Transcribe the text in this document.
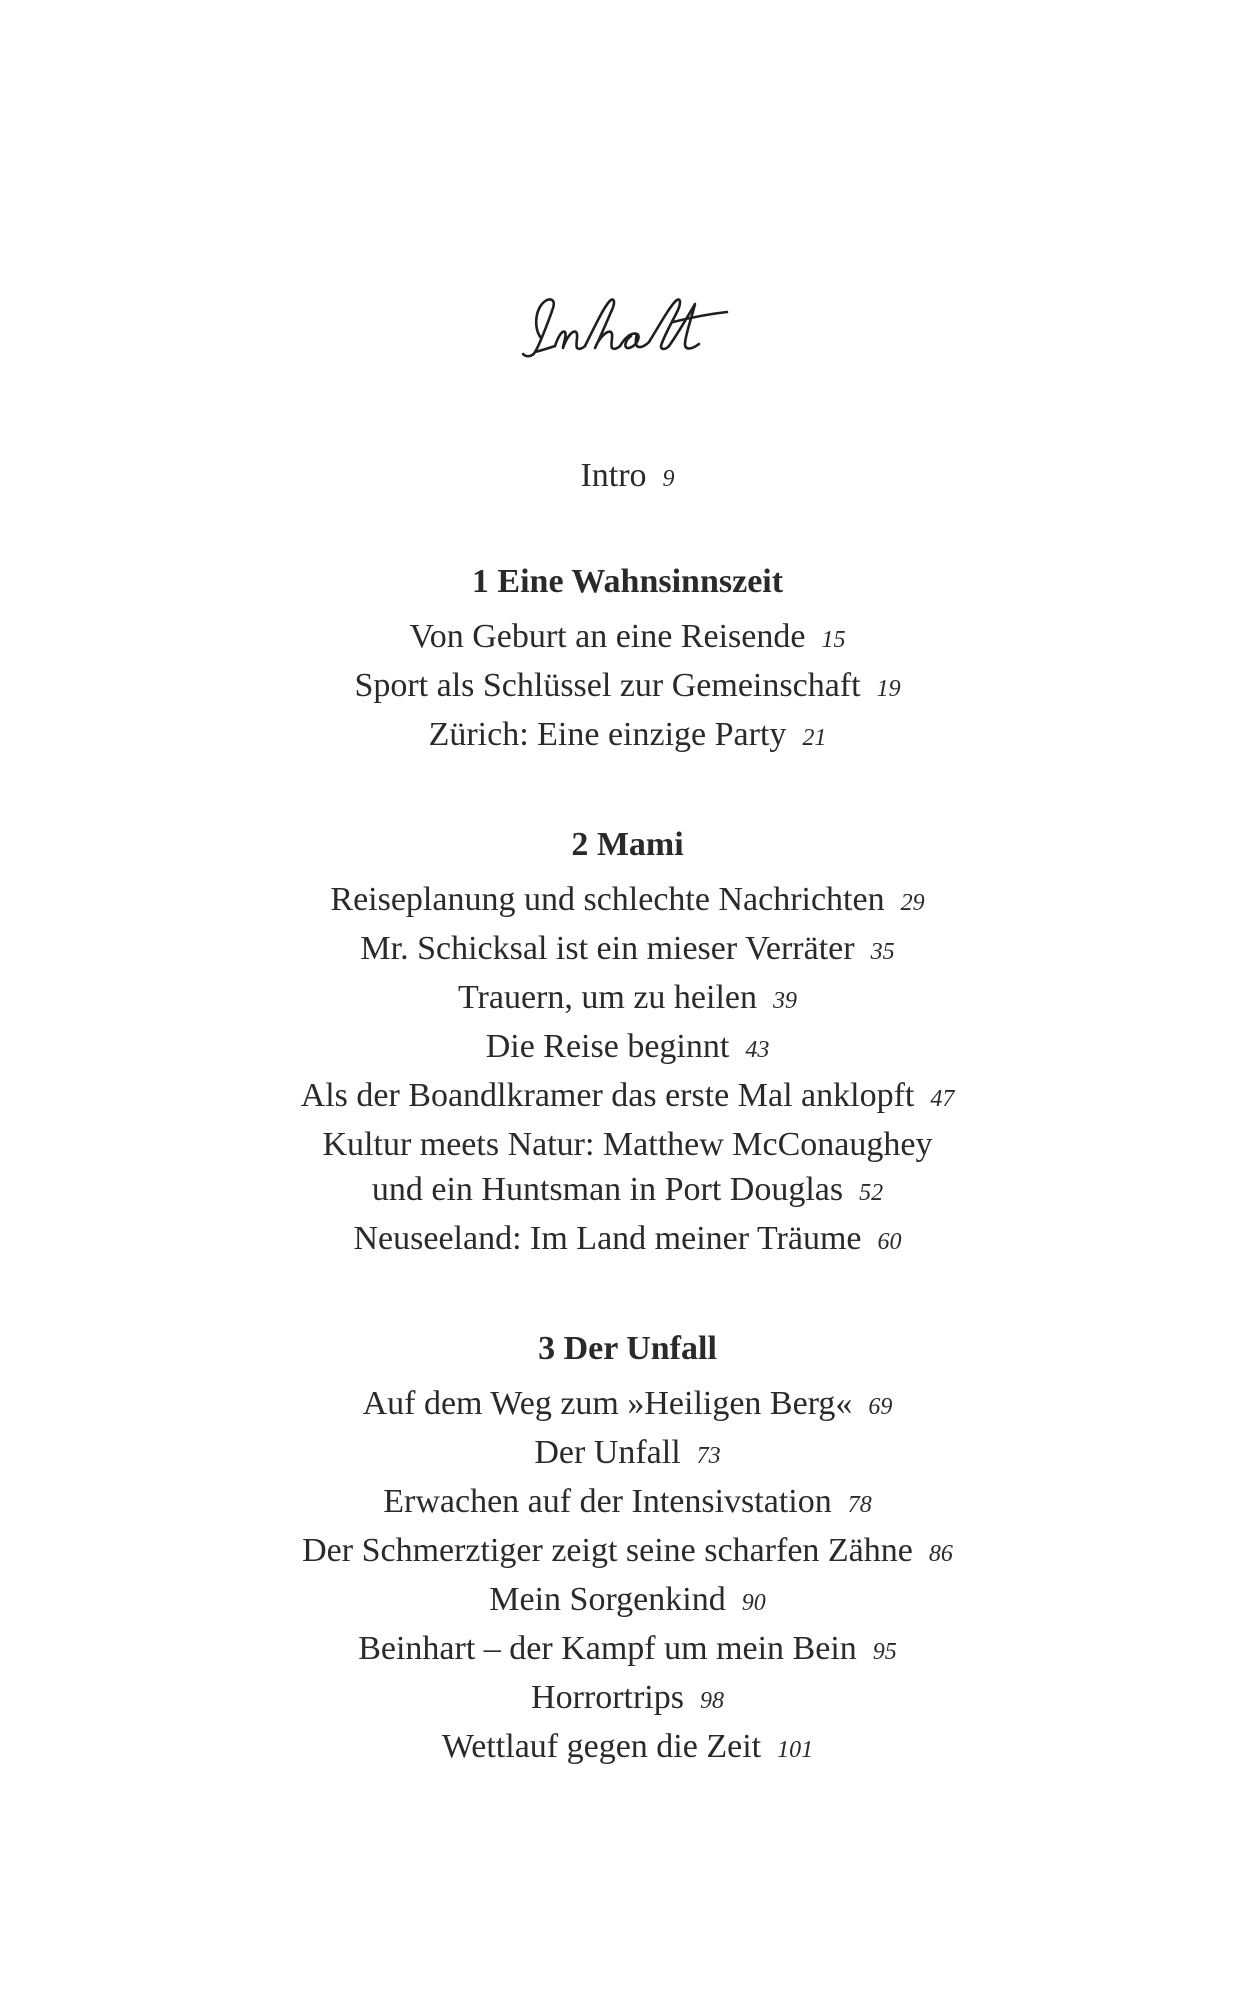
Intro 9
1 Eine Wahnsinnszeit
Von Geburt an eine Reisende 15
Sport als Schlüssel zur Gemeinschaft 19
Zürich: Eine einzige Party 21
2 Mami
Reiseplanung und schlechte Nachrichten 29
Mr. Schicksal ist ein mieser Verräter 35
Trauern, um zu heilen 39
Die Reise beginnt 43
Als der Boandlkramer das erste Mal anklopft 47
Kultur meets Natur: Matthew McConaughey
und ein Huntsman in Port Douglas 52
Neuseeland: Im Land meiner Träume 60
3 Der Unfall
Auf dem Weg zum »Heiligen Berg« 69
Der Unfall 73
Erwachen auf der Intensivstation 78
Der Schmerztiger zeigt seine scharfen Zähne 86
Mein Sorgenkind 90
Beinhart – der Kampf um mein Bein 95
Horrortrips 98
Wettlauf gegen die Zeit 101
